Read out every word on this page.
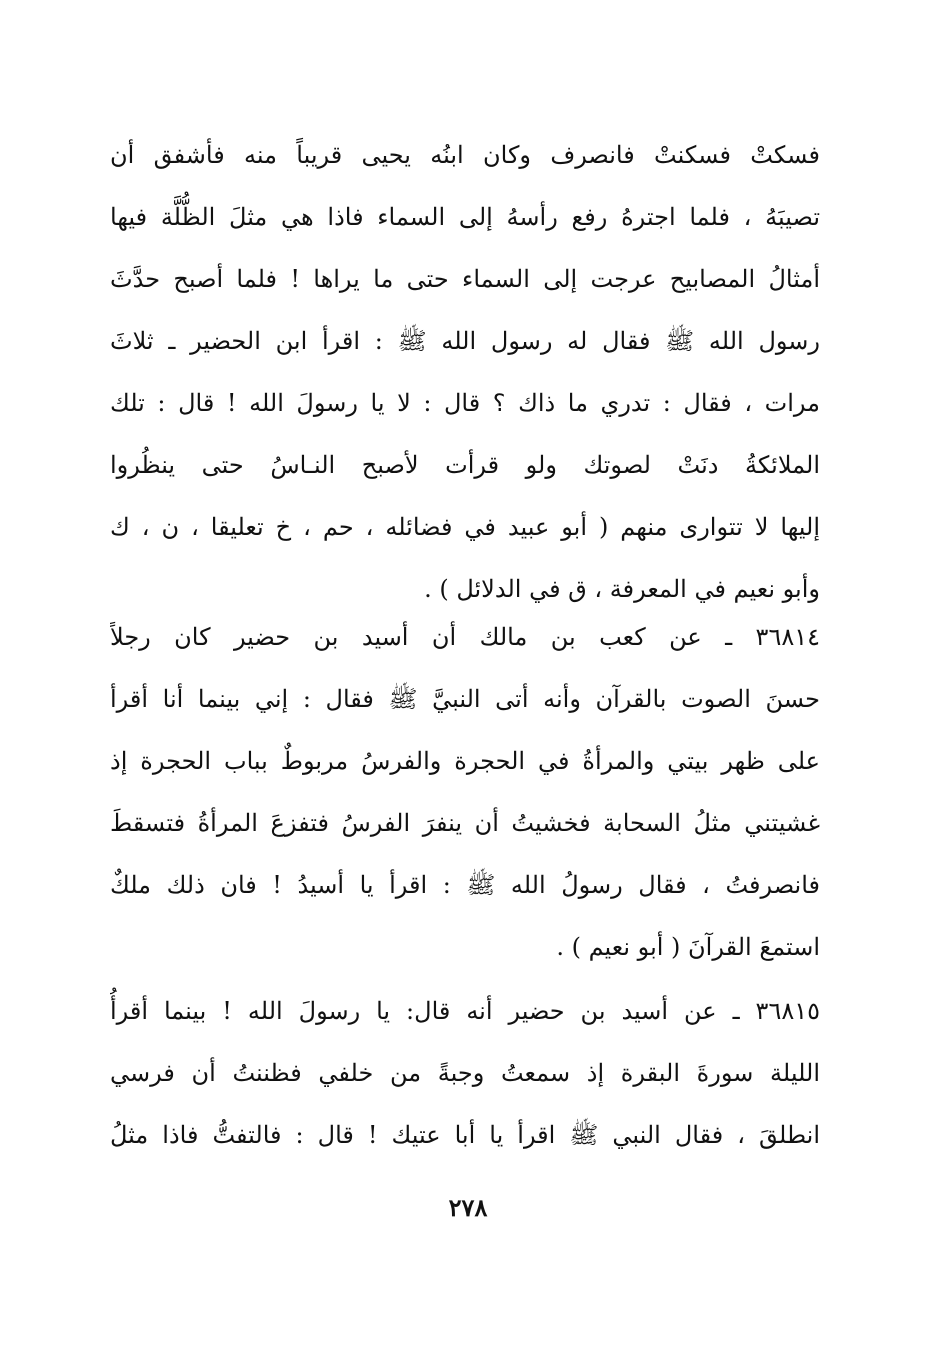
فسكتْ فسكنتْ فانصرف وكان ابنُه يحيى قريباً منه فأشفق أن
تصيبَهُ ، فلما اجترهُ رفع رأسهُ إلى السماء فاذا هي مثلَ الظُّلَّة فيها
أمثالُ المصابيح عرجت إلى السماء حتى ما يراها ! فلما أصبح حدَّثَ
رسول الله ﷺ فقال له رسول الله ﷺ : اقرأ ابن الحضير ـ ثلاثَ
مرات ، فقال : تدري ما ذاك ؟ قال : لا يا رسولَ الله ! قال : تلك
الملائكةُ دنَتْ لصوتك ولو قرأت لأصبح النـاسُ حتى ينظُروا
إليها لا تتوارى منهم ( أبو عبيد في فضائله ، حم ، خ تعليقا ، ن ، ك
وأبو نعيم في المعرفة ، ق في الدلائل ) .
٣٦٨١٤ ـ عن كعب بن مالك أن أسيد بن حضير كان رجلاً
حسنَ الصوت بالقرآن وأنه أتى النبيَّ ﷺ فقال : إني بينما أنا أقرأ
على ظهر بيتي والمرأةُ في الحجرة والفرسُ مربوطٌ بباب الحجرة إذ
غشيتني مثلُ السحابة فخشيتُ أن ينفرَ الفرسُ فتفزعَ المرأةُ فتسقطَ
فانصرفتُ ، فقال رسولُ الله ﷺ : اقرأ يا أسيدُ ! فان ذلك ملكٌ
استمعَ القرآنَ ( أبو نعيم ) .
٣٦٨١٥ ـ عن أسيد بن حضير أنه قال: يا رسولَ الله ! بينما أقرأُ
الليلة سورةَ البقرة إذ سمعتُ وجبةً من خلفي فظننتُ أن فرسي
انطلقَ ، فقال النبي ﷺ اقرأ يا أبا عتيك ! قال : فالتفتُّ فاذا مثلُ
٢٧٨
